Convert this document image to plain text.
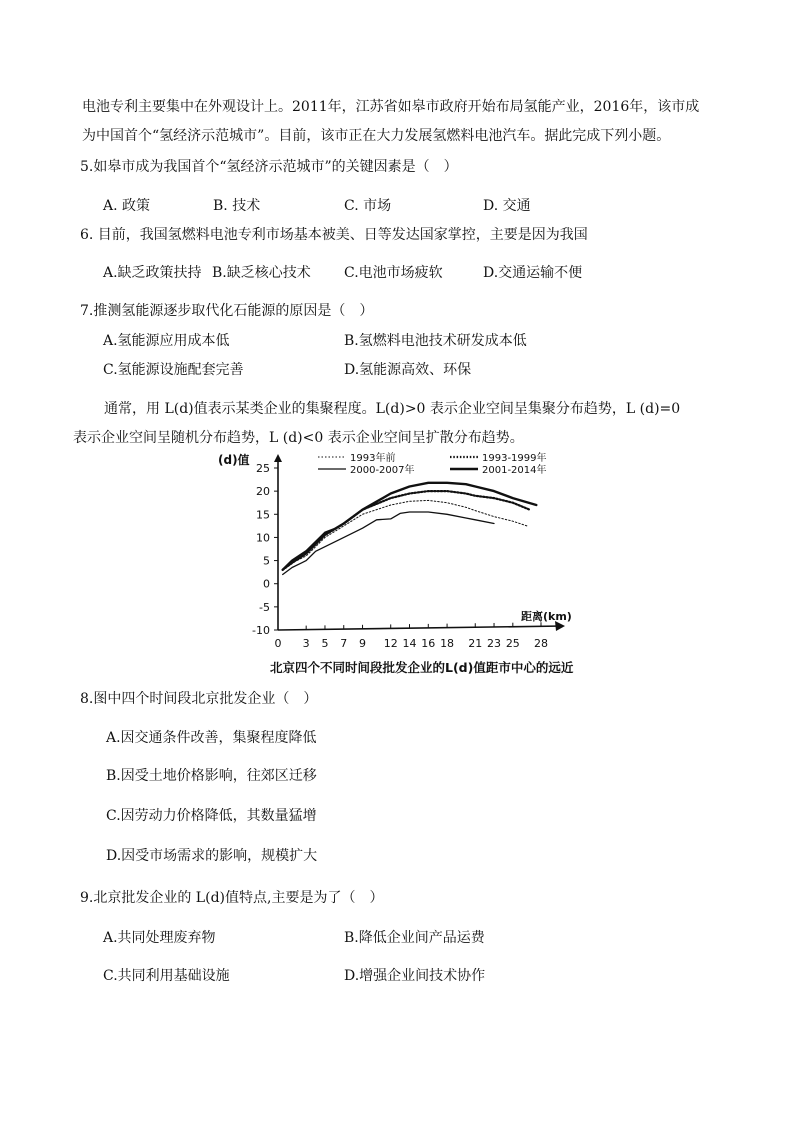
电池专利主要集中在外观设计上。2011年，江苏省如皋市政府开始布局氢能产业，2016年，该市成
为中国首个“氢经济示范城市”。目前，该市正在大力发展氢燃料电池汽车。据此完成下列小题。
5.如皋市成为我国首个“氢经济示范城市”的关键因素是（　）
A. 政策	B. 技术	C. 市场	D. 交通
6. 目前，我国氢燃料电池专利市场基本被美、日等发达国家掌控，主要是因为我国
A.缺乏政策扶持 B.缺乏核心技术 C.电池市场疲软	D.交通运输不便
7.推测氢能源逐步取代化石能源的原因是（　）
A.氢能源应用成本低	B.氢燃料电池技术研发成本低
C.氢能源设施配套完善	D.氢能源高效、环保
通常，用 L(d)值表示某类企业的集聚程度。L(d)>0 表示企业空间呈集聚分布趋势，L (d)=0
表示企业空间呈随机分布趋势，L (d)<0 表示企业空间呈扩散分布趋势。
25
20
15
10
5
0
-5
-10
0 3 5 7 9 12 14 16 18 21 23 25 28
1993年前	1993-1999年
2000-2007年	2001-2014年
(d)值
距离(km)
北京四个不同时间段批发企业的L(d)值距市中心的远近
8.图中四个时间段北京批发企业（　）
A.因交通条件改善，集聚程度降低
B.因受土地价格影响，往郊区迁移
C.因劳动力价格降低，其数量猛增
D.因受市场需求的影响，规模扩大
9.北京批发企业的 L(d)值特点,主要是为了（　）
A.共同处理废弃物	B.降低企业间产品运费
C.共同利用基础设施	D.增强企业间技术协作
